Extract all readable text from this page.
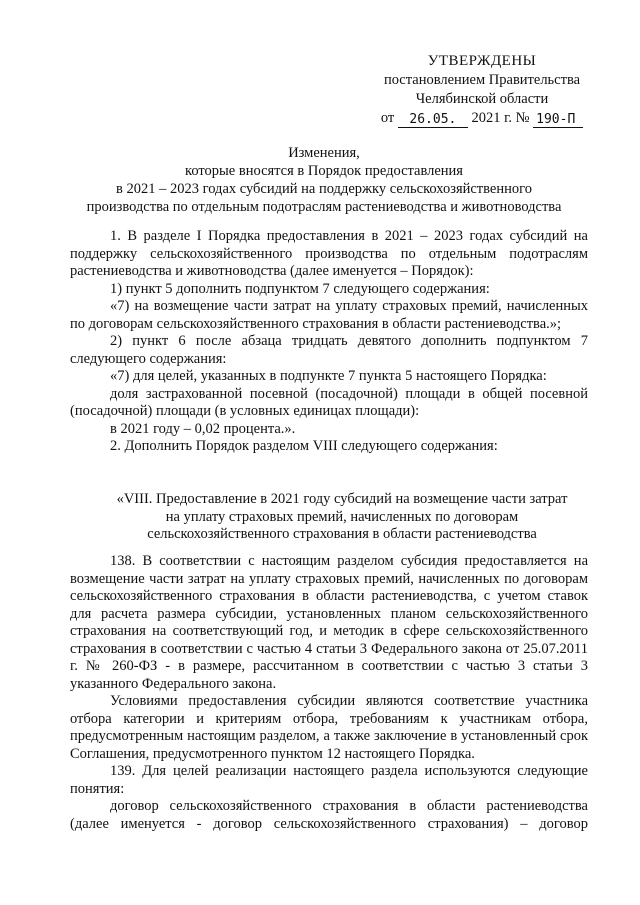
УТВЕРЖДЕНЫ
постановлением Правительства
Челябинской области
от
	26.05.
	2021 г. №
190-П
Изменения,
которые вносятся в Порядок предоставления
в 2021 – 2023 годах субсидий на поддержку сельскохозяйственного
производства по отдельным подотраслям растениеводства и животноводства

1. В разделе I Порядка предоставления в 2021 – 2023 годах субсидий на поддержку сельскохозяйственного производства по отдельным подотраслям растениеводства и животноводства (далее именуется – Порядок):

1) пункт 5 дополнить подпунктом 7 следующего содержания:

«7) на возмещение части затрат на уплату страховых премий, начисленных по договорам сельскохозяйственного страхования в области растениеводства.»;

2) пункт 6 после абзаца тридцать девятого дополнить подпунктом 7 следующего содержания:

«7) для целей, указанных в подпункте 7 пункта 5 настоящего Порядка:

доля застрахованной посевной (посадочной) площади в общей посевной (посадочной) площади (в условных единицах площади):

в 2021 году – 0,02 процента.».

2. Дополнить Порядок разделом VIII следующего содержания:

«VIII. Предоставление в 2021 году субсидий на возмещение части затрат
на уплату страховых премий, начисленных по договорам
сельскохозяйственного страхования в области растениеводства

138. В соответствии с настоящим разделом субсидия предоставляется на возмещение части затрат на уплату страховых премий, начисленных по договорам сельскохозяйственного страхования в области растениеводства, с учетом ставок для расчета размера субсидии, установленных планом сельскохозяйственного страхования на соответствующий год, и методик в сфере сельскохозяйственного страхования в соответствии с частью 4 статьи 3 Федерального закона от 25.07.2011 г. № 260-ФЗ - в размере, рассчитанном в соответствии с частью 3 статьи 3 указанного Федерального закона.

Условиями предоставления субсидии являются соответствие участника отбора категории и критериям отбора, требованиям к участникам отбора, предусмотренным настоящим разделом, а также заключение в установленный срок Соглашения, предусмотренного пунктом 12 настоящего Порядка.

139. Для целей реализации настоящего раздела используются следующие понятия:

договор сельскохозяйственного страхования в области растениеводства (далее именуется - договор сельскохозяйственного страхования) – договор
